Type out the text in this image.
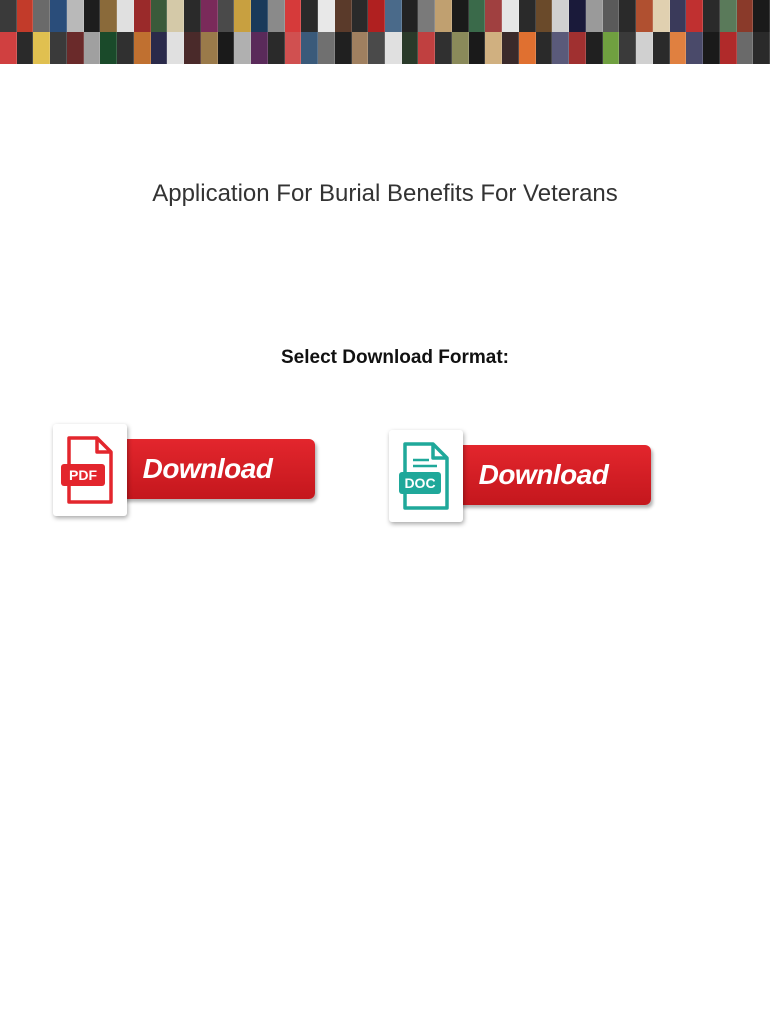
Application For Burial Benefits For Veterans
Select Download Format:
Download
PDF	Download
DOC
